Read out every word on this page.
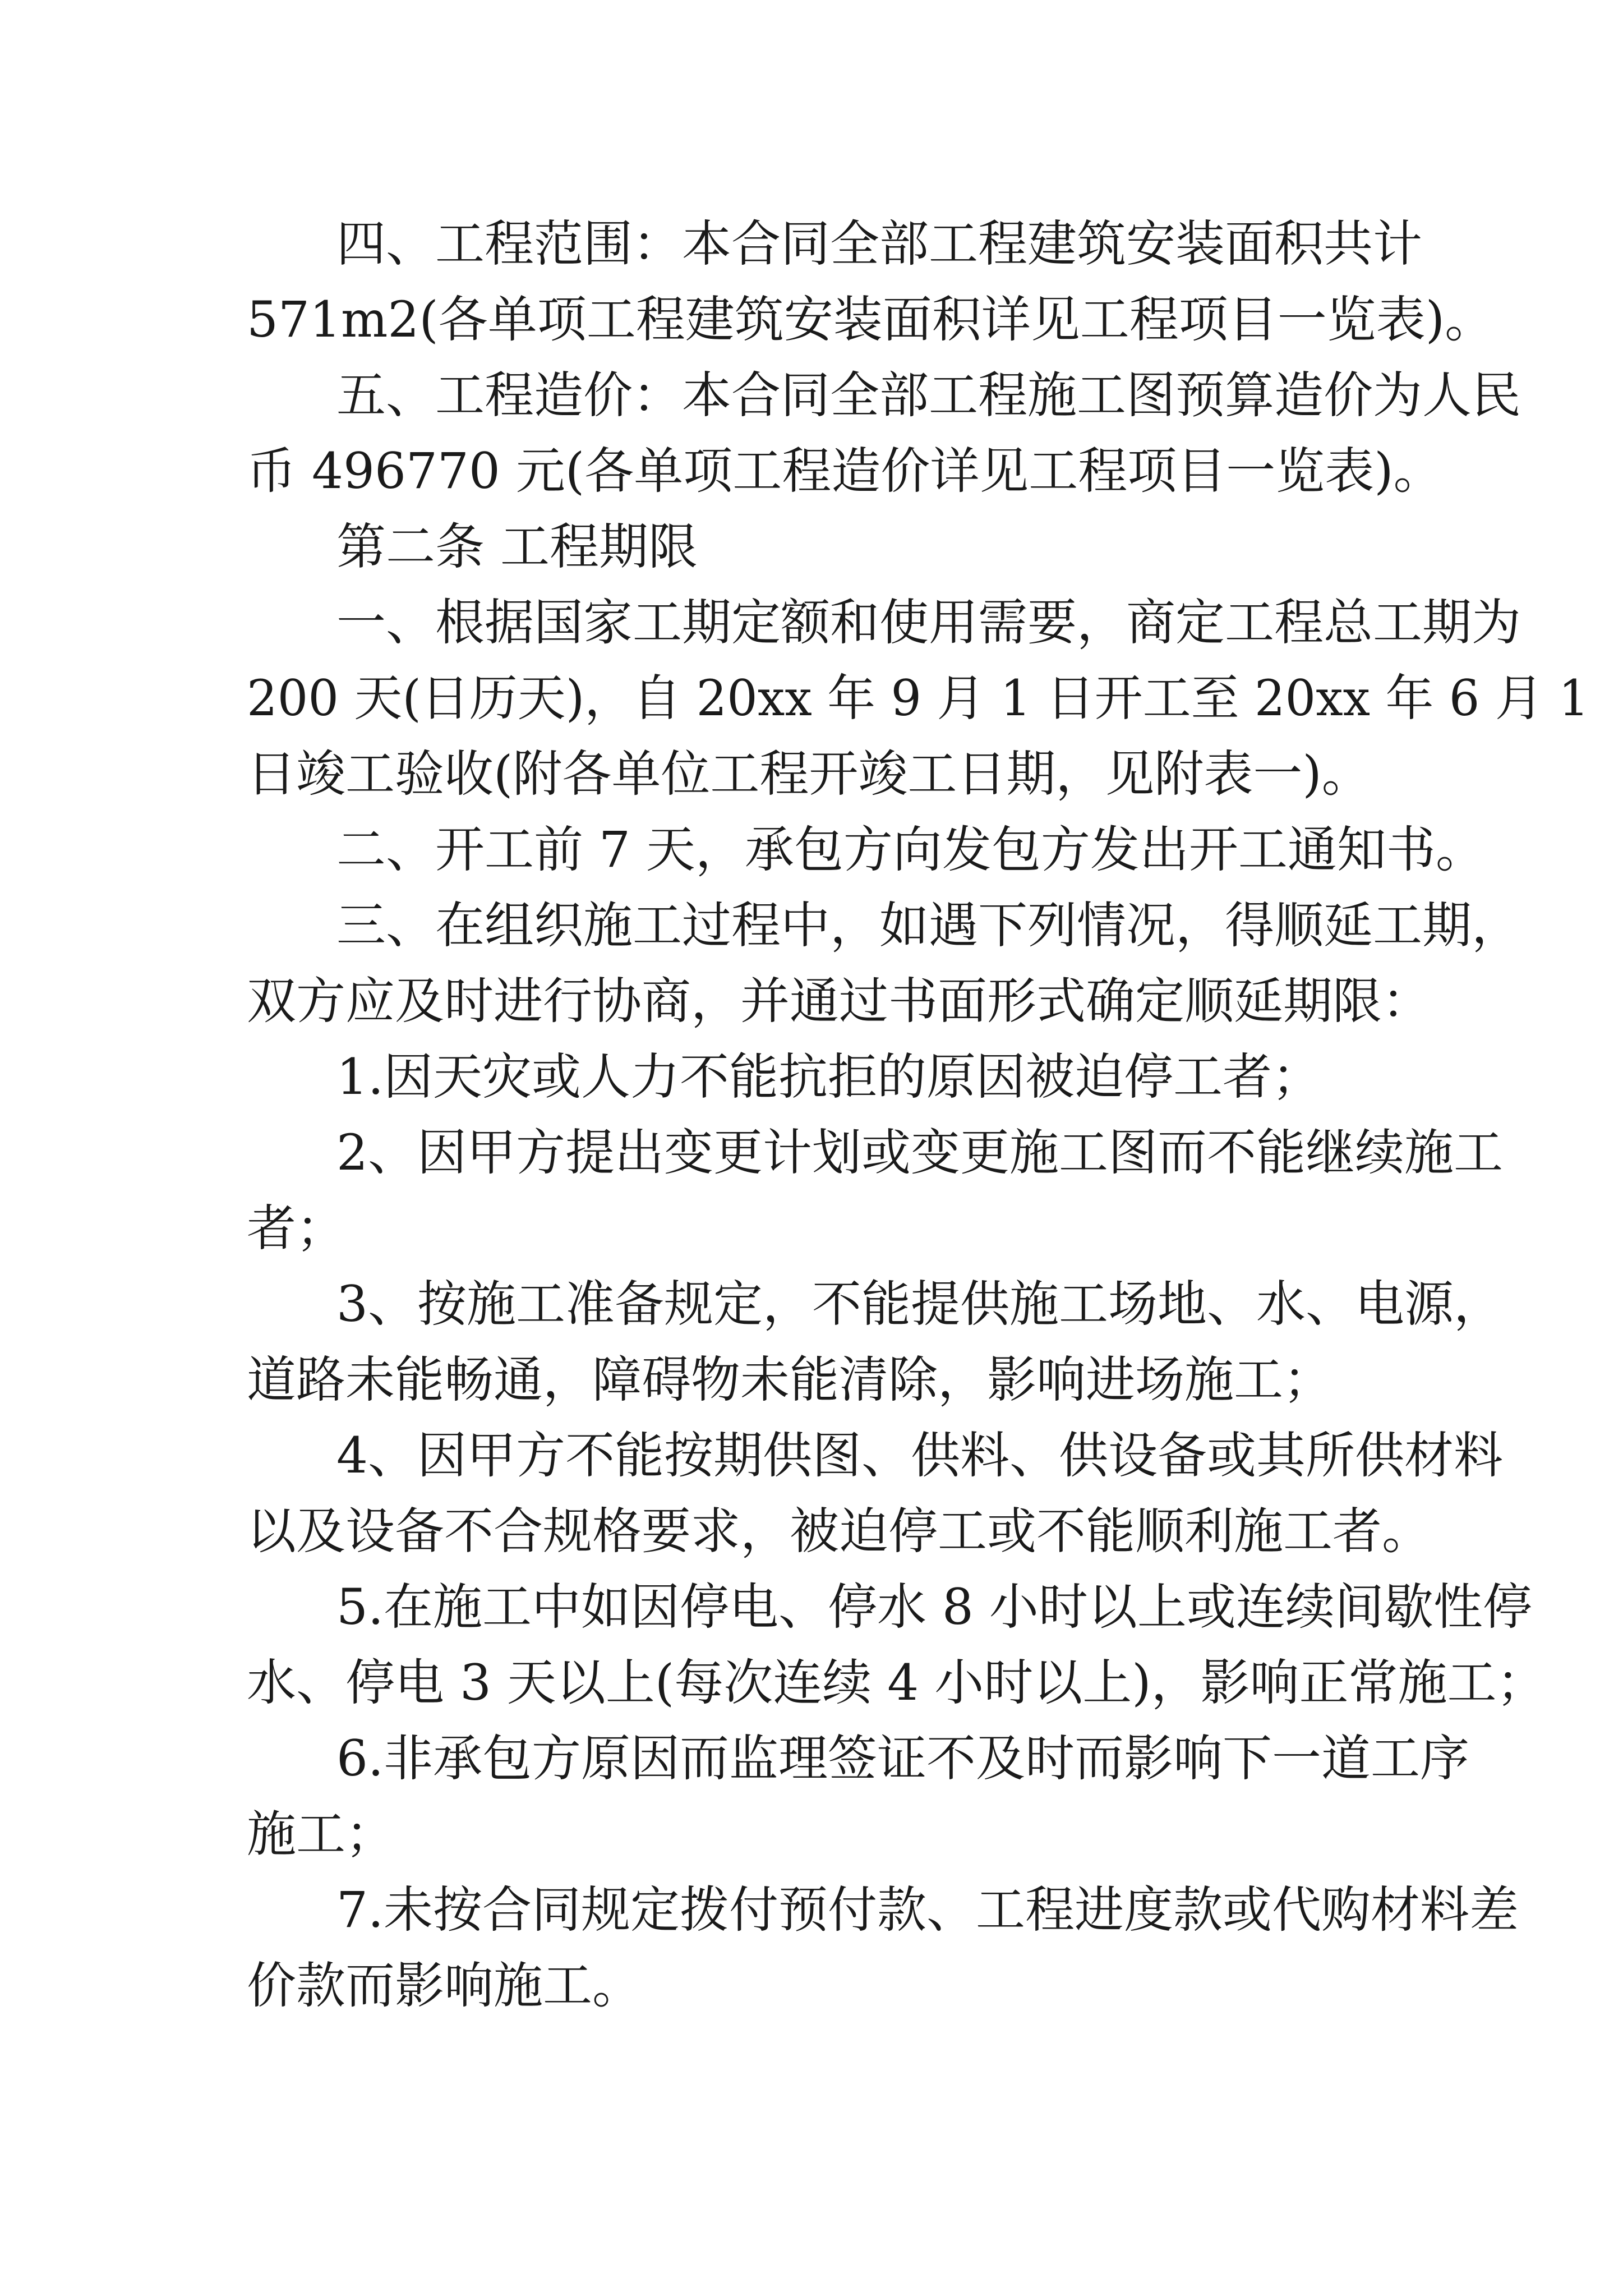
四、工程范围：本合同全部工程建筑安装面积共计
571m2(各单项工程建筑安装面积详见工程项目一览表)。
五、工程造价：本合同全部工程施工图预算造价为人民
币 496770 元(各单项工程造价详见工程项目一览表)。
第二条 工程期限
一、根据国家工期定额和使用需要，商定工程总工期为
200 天(日历天)，自 20xx 年 9 月 1 日开工至 20xx 年 6 月 1
日竣工验收(附各单位工程开竣工日期，见附表一)。
二、开工前 7 天，承包方向发包方发出开工通知书。
三、在组织施工过程中，如遇下列情况，得顺延工期，
双方应及时进行协商，并通过书面形式确定顺延期限：
1.因天灾或人力不能抗拒的原因被迫停工者；
2、因甲方提出变更计划或变更施工图而不能继续施工
者；
3、按施工准备规定，不能提供施工场地、水、电源，
道路未能畅通，障碍物未能清除，影响进场施工；
4、因甲方不能按期供图、供料、供设备或其所供材料
以及设备不合规格要求，被迫停工或不能顺利施工者。
5.在施工中如因停电、停水 8 小时以上或连续间歇性停
水、停电 3 天以上(每次连续 4 小时以上)，影响正常施工；
6.非承包方原因而监理签证不及时而影响下一道工序
施工；
7.未按合同规定拨付预付款、工程进度款或代购材料差
价款而影响施工。
